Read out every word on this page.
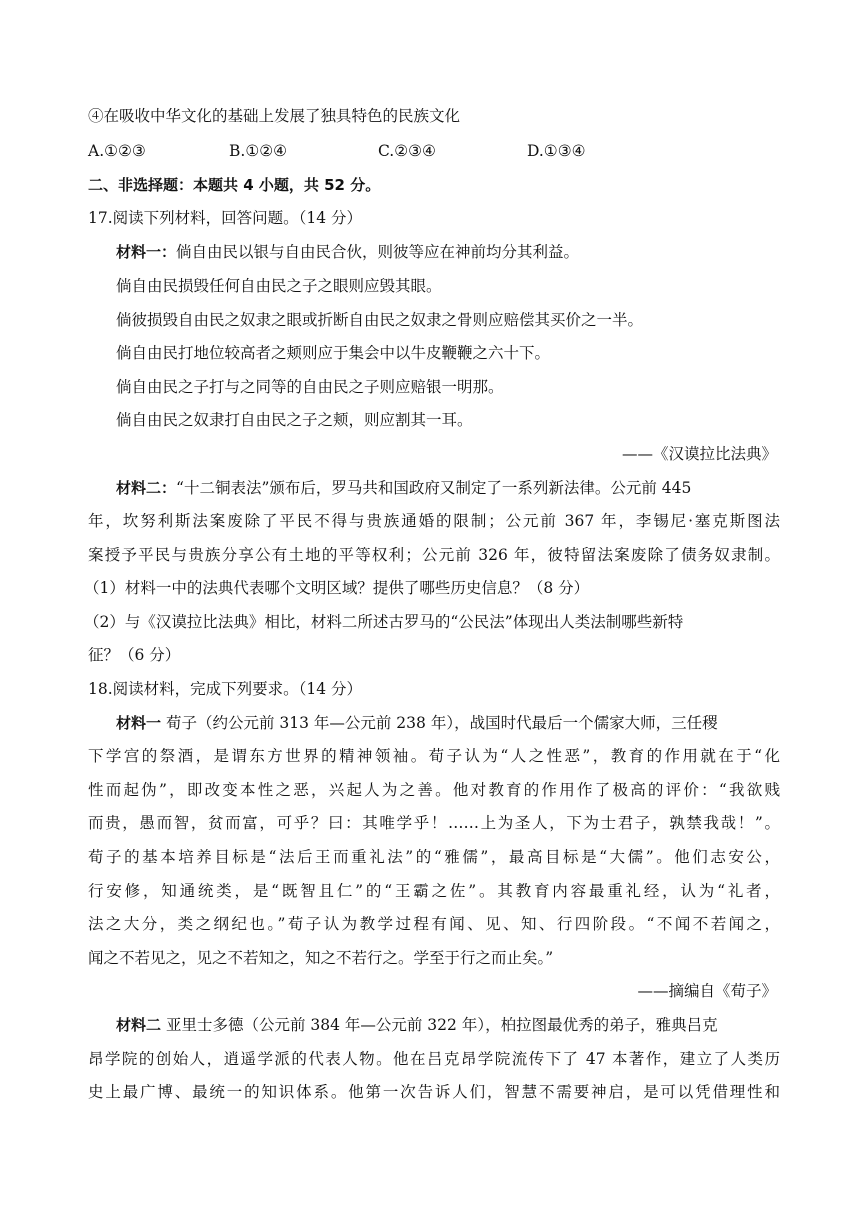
④在吸收中华文化的基础上发展了独具特色的民族文化
A.①②③	B.①②④	C.②③④	D.①③④
二、非选择题：本题共 4 小题，共 52 分。
17.阅读下列材料，回答问题。（14 分）
材料一：倘自由民以银与自由民合伙，则彼等应在神前均分其利益。
倘自由民损毁任何自由民之子之眼则应毁其眼。
倘彼损毁自由民之奴隶之眼或折断自由民之奴隶之骨则应赔偿其买价之一半。
倘自由民打地位较高者之颊则应于集会中以牛皮鞭鞭之六十下。
倘自由民之子打与之同等的自由民之子则应赔银一明那。
倘自由民之奴隶打自由民之子之颊，则应割其一耳。
——《汉谟拉比法典》
材料二：“十二铜表法”颁布后，罗马共和国政府又制定了一系列新法律。公元前 445
年，坎努利斯法案废除了平民不得与贵族通婚的限制；公元前 367 年，李锡尼·塞克斯图法
案授予平民与贵族分享公有土地的平等权利；公元前 326 年，彼特留法案废除了债务奴隶制。
（1）材料一中的法典代表哪个文明区域？提供了哪些历史信息？（8 分）
（2）与《汉谟拉比法典》相比，材料二所述古罗马的“公民法”体现出人类法制哪些新特
征？（6 分）
18.阅读材料，完成下列要求。（14 分）
材料一 荀子（约公元前 313 年—公元前 238 年），战国时代最后一个儒家大师，三任稷
下学宫的祭酒，是谓东方世界的精神领袖。荀子认为“人之性恶”，教育的作用就在于“化
性而起伪”，即改变本性之恶，兴起人为之善。他对教育的作用作了极高的评价：“我欲贱
而贵，愚而智，贫而富，可乎？曰：其唯学乎！……上为圣人，下为士君子，孰禁我哉！”。
荀子的基本培养目标是“法后王而重礼法”的“雅儒”，最高目标是“大儒”。他们志安公，
行安修，知通统类，是“既智且仁”的“王霸之佐”。其教育内容最重礼经，认为“礼者，
法之大分，类之纲纪也。”荀子认为教学过程有闻、见、知、行四阶段。“不闻不若闻之，
闻之不若见之，见之不若知之，知之不若行之。学至于行之而止矣。”
——摘编自《荀子》
材料二 亚里士多德（公元前 384 年—公元前 322 年），柏拉图最优秀的弟子，雅典吕克
昂学院的创始人，逍遥学派的代表人物。他在吕克昂学院流传下了 47 本著作，建立了人类历
史上最广博、最统一的知识体系。他第一次告诉人们，智慧不需要神启，是可以凭借理性和
